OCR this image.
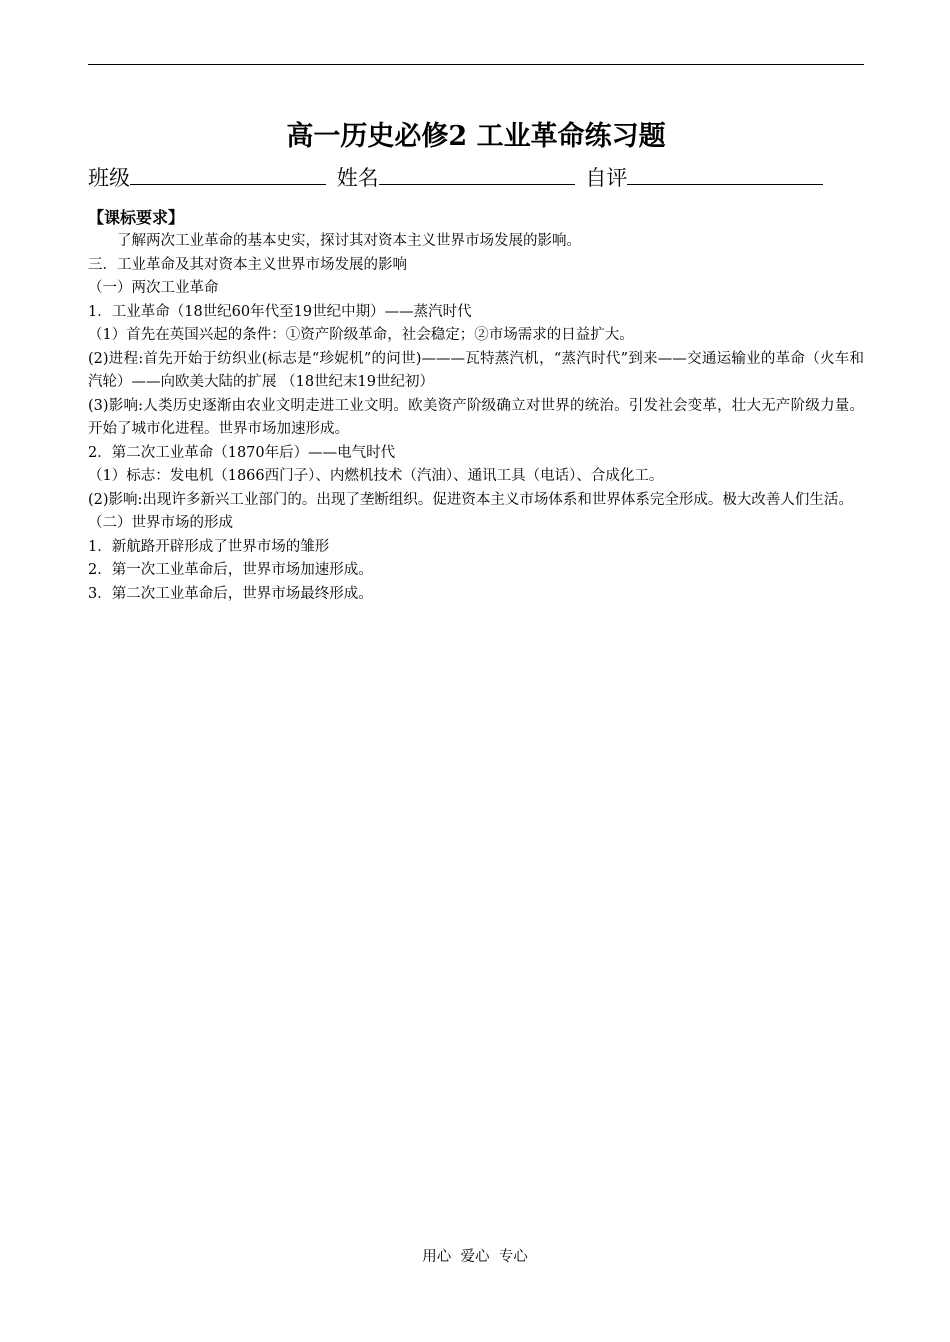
高一历史必修2 工业革命练习题
班级	姓名	自评

【课标要求】

了解两次工业革命的基本史实，探讨其对资本主义世界市场发展的影响。

三．工业革命及其对资本主义世界市场发展的影响

（一）两次工业革命

1．工业革命（18世纪60年代至19世纪中期）——蒸汽时代

（1）首先在英国兴起的条件：①资产阶级革命，社会稳定；②市场需求的日益扩大。

(2)进程:首先开始于纺织业(标志是“珍妮机”的问世)———瓦特蒸汽机，“蒸汽时代”到来——交通运输业的革命（火车和汽轮）——向欧美大陆的扩展 （18世纪末19世纪初）

(3)影响:人类历史逐渐由农业文明走进工业文明。欧美资产阶级确立对世界的统治。引发社会变革，壮大无产阶级力量。开始了城市化进程。世界市场加速形成。

2．第二次工业革命（1870年后）——电气时代

（1）标志：发电机（1866西门子）、内燃机技术（汽油）、通讯工具（电话）、合成化工。

(2)影响:出现许多新兴工业部门的。出现了垄断组织。促进资本主义市场体系和世界体系完全形成。极大改善人们生活。

（二）世界市场的形成

1．新航路开辟形成了世界市场的雏形

2．第一次工业革命后，世界市场加速形成。

3．第二次工业革命后，世界市场最终形成。

用心  爱心  专心
